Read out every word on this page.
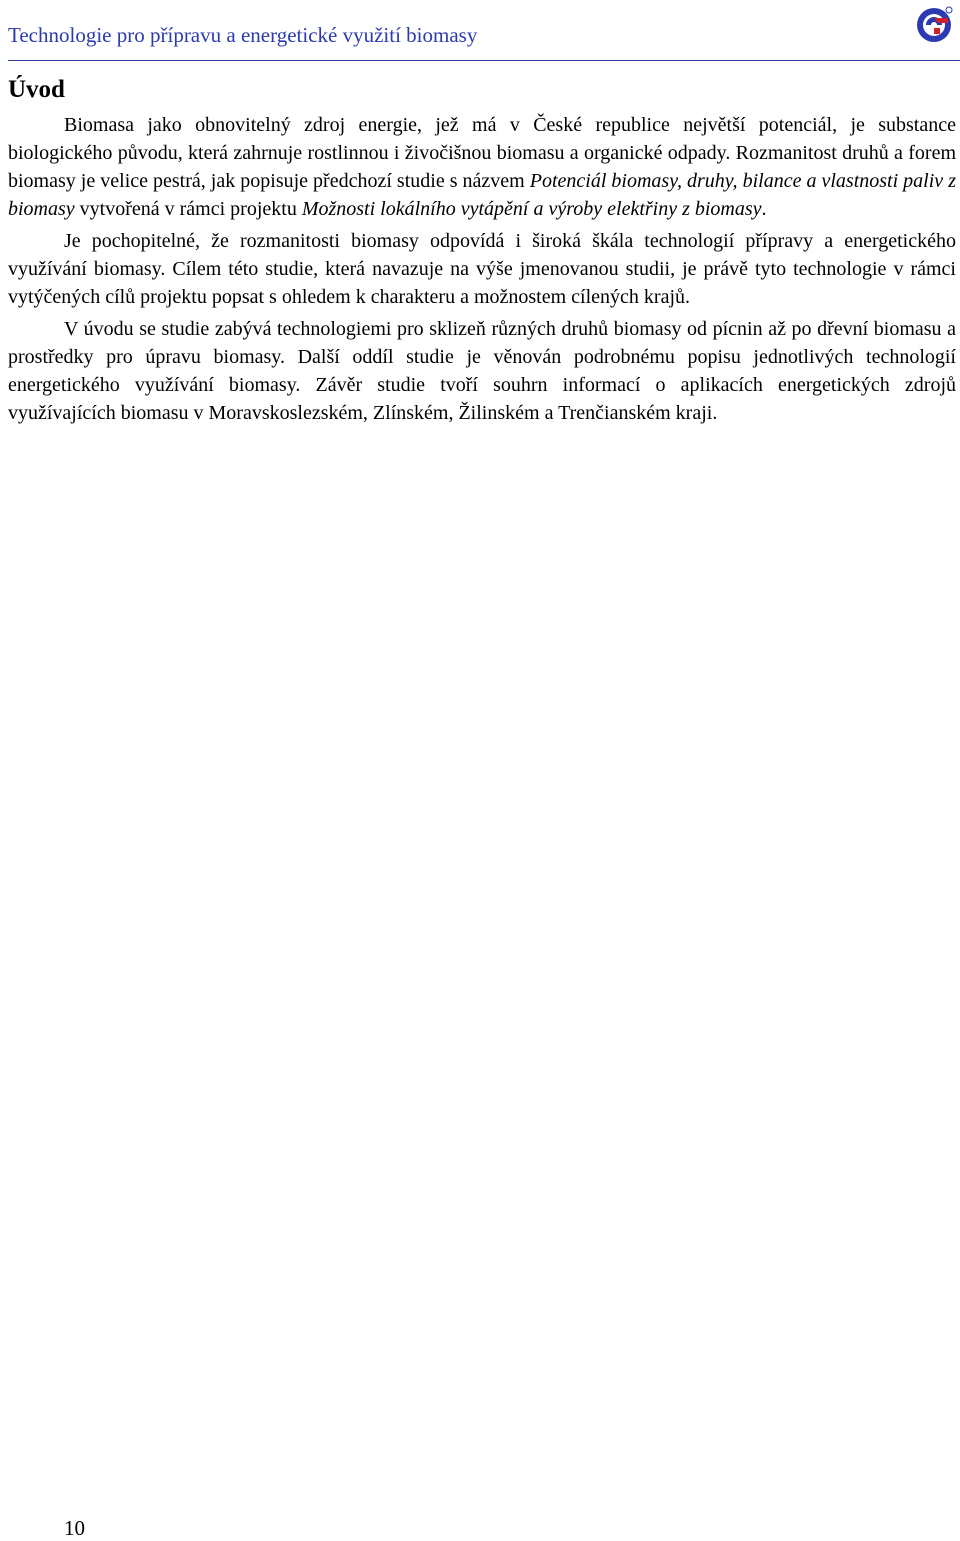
Technologie pro přípravu a energetické využití biomasy
Úvod

Biomasa jako obnovitelný zdroj energie, jež má v České republice největší potenciál, je substance biologického původu, která zahrnuje rostlinnou i živočišnou biomasu a organické odpady. Rozmanitost druhů a forem biomasy je velice pestrá, jak popisuje předchozí studie s názvem Potenciál biomasy, druhy, bilance a vlastnosti paliv z biomasy vytvořená v rámci projektu Možnosti lokálního vytápění a výroby elektřiny z biomasy.

Je pochopitelné, že rozmanitosti biomasy odpovídá i široká škála technologií přípravy a energetického využívání biomasy. Cílem této studie, která navazuje na výše jmenovanou studii, je právě tyto technologie v rámci vytýčených cílů projektu popsat s ohledem k charakteru a možnostem cílených krajů.

V úvodu se studie zabývá technologiemi pro sklizeň různých druhů biomasy od pícnin až po dřevní biomasu a prostředky pro úpravu biomasy. Další oddíl studie je věnován podrobnému popisu jednotlivých technologií energetického využívání biomasy. Závěr studie tvoří souhrn informací o aplikacích energetických zdrojů využívajících biomasu v Moravskoslezském, Zlínském, Žilinském a Trenčianském kraji.

10
